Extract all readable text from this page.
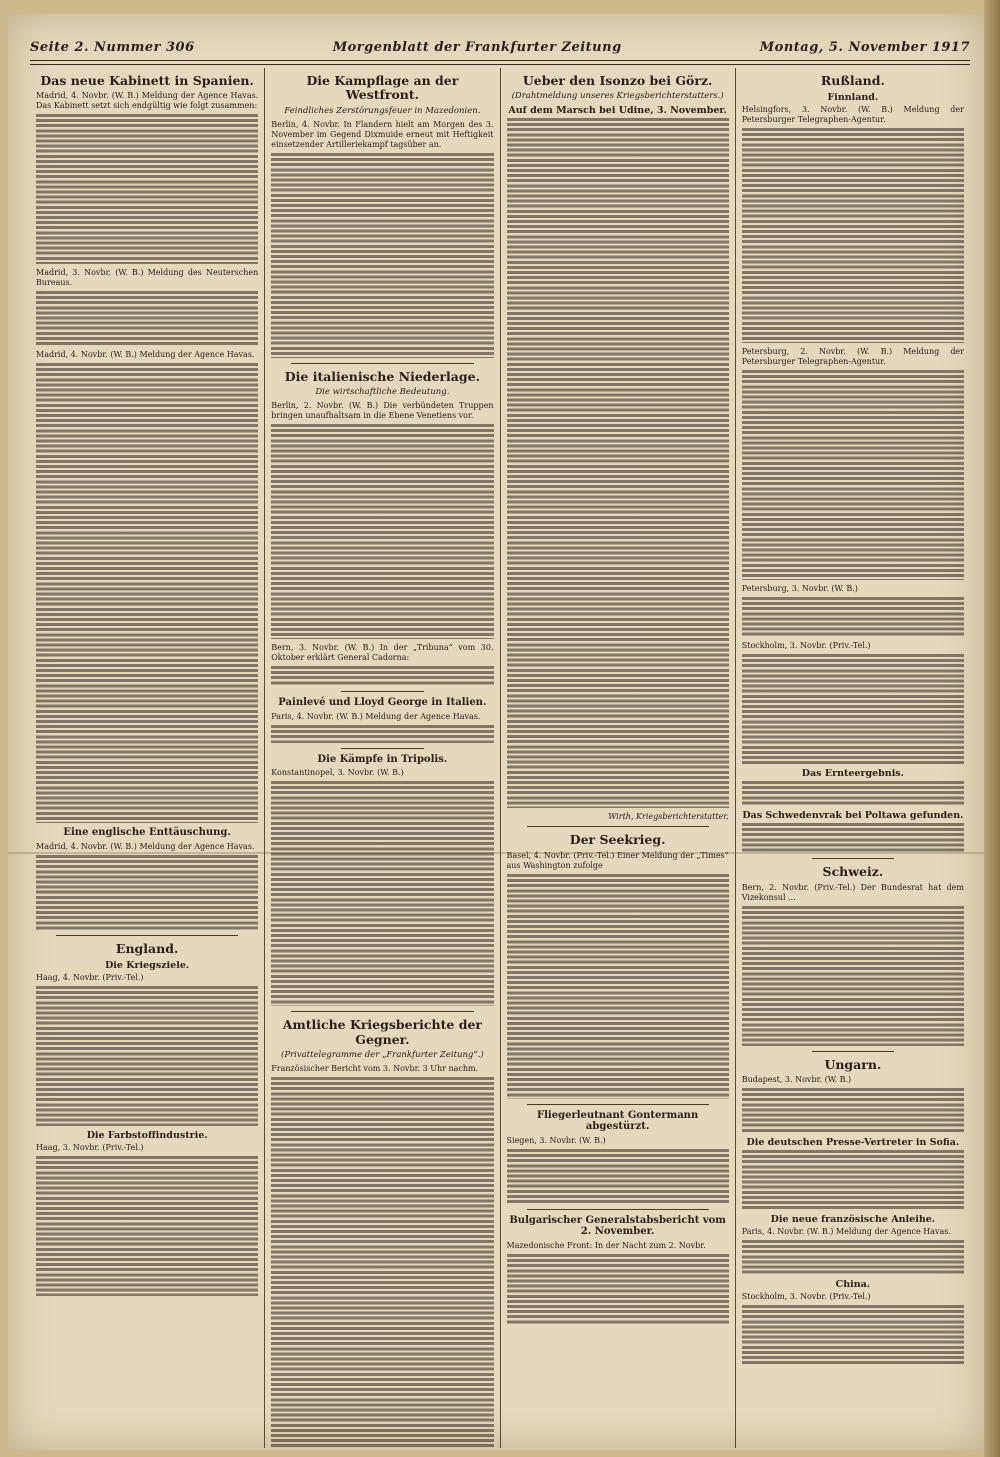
Seite 2. Nummer 306	Morgenblatt der Frankfurter Zeitung	Montag, 5. November 1917
Das neue Kabinett in Spanien.
Madrid, 4. Novbr. (W. B.) Meldung der Agence Havas. Das Kabinett setzt sich endgültig wie folgt zusammen:
Madrid, 3. Novbr. (W. B.) Meldung des Neuterschen Bureaus.
Madrid, 4. Novbr. (W. B.) Meldung der Agence Havas.
Eine englische Enttäuschung.
Madrid, 4. Novbr. (W. B.) Meldung der Agence Havas.
England.
Die Kriegsziele.
Haag, 4. Novbr. (Priv.-Tel.)
Die Farbstoffindustrie.
Haag, 3. Novbr. (Priv.-Tel.)
Die Kampflage an der Westfront.
Feindliches Zerstörungsfeuer in Mazedonien.
Berlin, 4. Novbr. In Flandern hielt am Morgen des 3. November im Gegend Dixmuide erneut mit Heftigkeit einsetzender Artilleriekampf tagsüber an.
Die italienische Niederlage.
Die wirtschaftliche Bedeutung.
Berlin, 2. Novbr. (W. B.) Die verbündeten Truppen bringen unaufhaltsam in die Ebene Venetiens vor.
Bern, 3. Novbr. (W. B.) In der „Tribuna“ vom 30. Oktober erklärt General Cadorna:
Painlevé und Lloyd George in Italien.
Paris, 4. Novbr. (W. B.) Meldung der Agence Havas.
Die Kämpfe in Tripolis.
Konstantinopel, 3. Novbr. (W. B.)
Amtliche Kriegsberichte der Gegner.
(Privattelegramme der „Frankfurter Zeitung“.)
Französischer Bericht vom 3. Novbr. 3 Uhr nachm.
Ueber den Isonzo bei Görz.
(Drahtmeldung unseres Kriegsberichterstatters.)
Auf dem Marsch bei Udine, 3. November.
Wirth, Kriegsberichterstatter.
Der Seekrieg.
Basel, 4. Novbr. (Priv.-Tel.) Einer Meldung der „Times“ aus Washington zufolge
Fliegerleutnant Gontermann abgestürzt.
Siegen, 3. Novbr. (W. B.)
Bulgarischer Generalstabsbericht vom 2. November.
Mazedonische Front: In der Nacht zum 2. Novbr.
Rußland.
Finnland.
Helsingfors, 3. Novbr. (W. B.) Meldung der Petersburger Telegraphen-Agentur.
Petersburg, 2. Novbr. (W. B.) Meldung der Petersburger Telegraphen-Agentur.
Petersburg, 3. Novbr. (W. B.)
Stockholm, 3. Novbr. (Priv.-Tel.)
Das Ernteergebnis.
Das Schwedenvrak bei Poltawa gefunden.
Schweiz.
Bern, 2. Novbr. (Priv.-Tel.) Der Bundesrat hat dem Vizekonsul ...
Ungarn.
Budapest, 3. Novbr. (W. B.)
Die deutschen Presse-Vertreter in Sofia.
Die neue französische Anleihe.
Paris, 4. Novbr. (W. B.) Meldung der Agence Havas.
China.
Stockholm, 3. Novbr. (Priv.-Tel.)
